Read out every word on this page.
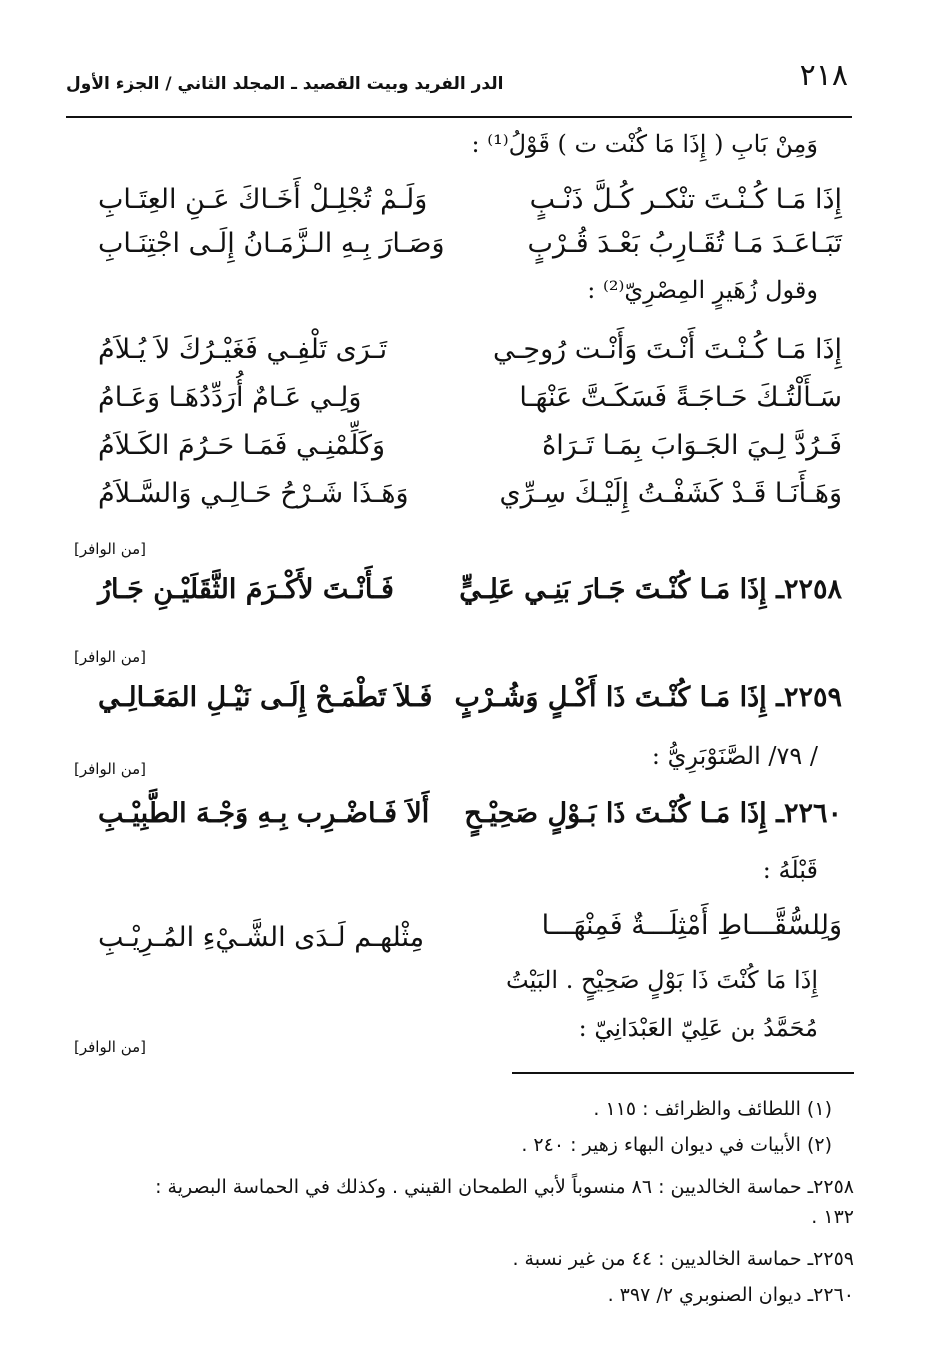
٢١٨
الدر الفريد وبيت القصيد ـ المجلد الثاني / الجزء الأول
وَمِنْ بَابِ ( إِذَا مَا كُنْت ت ) قَوْلُ⁽¹⁾ :
إِذَا مَـا كُـنْـتَ تنْكـر كُـلَّ ذَنْـبٍ
وَلَـمْ تُجْلِـلْ أَخَـاكَ عَـنِ العِتَـابِ
تَبَـاعَـدَ مَـا تُقَـارِبُ بَعْـدَ قُـرْبٍ
وَصَـارَ بِـهِ الـزَّمَـانُ إِلَـى اجْتِنَـابِ
وقول زُهَيرٍ المِصْرِيّ⁽²⁾ :
إِذَا مَـا كُـنْـتَ أَنْـتَ وَأَنْـت رُوحِـي
تَـرَى تَلْفِـي فَغَيْـرُكَ لاَ يُـلاَمُ
سَـأَلْتُـكَ حَـاجَـةً فَسَكَـتَّ عَنْهَـا
وَلِـي عَـامٌ أُرَدِّدُهَـا وَعَـامُ
فَـرُدَّ لِـيَ الجَـوَابَ بِمَـا تَـرَاهُ
وَكَلِّمْنِـي فَمَـا حَـرُمَ الكَـلاَمُ
وَهَـأَنَـا قَـدْ كَشَفْـتُ إِلَيْـكَ سِـرِّي
وَهَـذَا شَـرْحُ حَـالِـي وَالسَّـلاَمُ
[من الوافر]
٢٢٥٨ـ إِذَا مَـا كُنْـتَ جَـارَ بَنِـي عَلِـيٍّ
فَـأَنْـتَ لأَكْـرَمَ الثَّقَلَيْـنِ جَـارُ
[من الوافر]
٢٢٥٩ـ إِذَا مَـا كُنْـتَ ذَا أَكْـلٍ وَشُـرْبٍ
فَـلاَ تَطْمَـحْ إِلَـى نَيْـلِ المَعَـالِـي
/ ٧٩/ الصَّنَوْبَرِيُّ :
[من الوافر]
٢٢٦٠ـ إِذَا مَـا كُنْـتَ ذَا بَـوْلٍ صَحِيْـحٍ
أَلاَ فَـاضْـرِب بِـهِ وَجْـهَ الطَّبِيْـبِ
قَبْلَهُ :
وَلِلسُّقَّـــاطِ أَمْثِلَـــةٌ فَمِنْهَـــا
مِثْلهـم لَـدَى الشَّـيْءِ المُـرِيْـبِ
إِذَا مَا كُنْتَ ذَا بَوْلٍ صَحِيْحٍ . البَيْتُ
مُحَمَّدُ بن عَلِيّ العَبْدَانِيّ :
[من الوافر]
(١) اللطائف والظرائف : ١١٥ .
(٢) الأبيات في ديوان البهاء زهير : ٢٤٠ .
٢٢٥٨ـ حماسة الخالديين : ٨٦ منسوباً لأبي الطمحان القيني . وكذلك في الحماسة البصرية :
١٣٢ .
٢٢٥٩ـ حماسة الخالديين : ٤٤ من غير نسبة .
٢٢٦٠ـ ديوان الصنوبري ٢/ ٣٩٧ .
